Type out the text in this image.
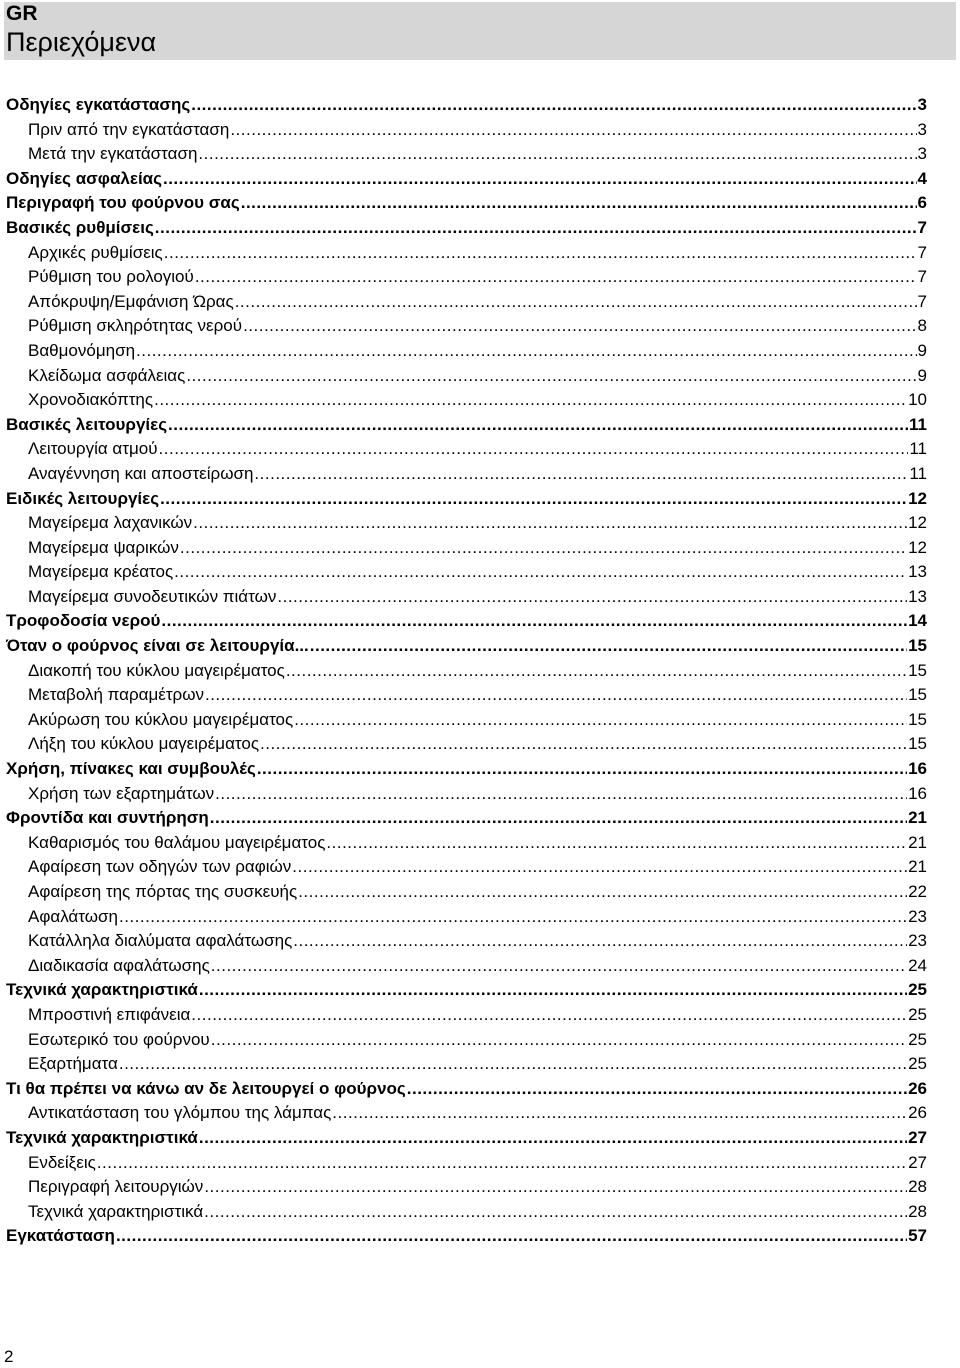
GR
Περιεχόμενα
Οδηγίες εγκατάστασης .....	3
Πριν από την εγκατάσταση .....	3
Μετά την εγκατάσταση .....	3
Οδηγίες ασφαλείας .....	4
Περιγραφή του φούρνου σας .....	6
Βασικές ρυθμίσεις .....	7
Αρχικές ρυθμίσεις .....	7
Ρύθμιση του ρολογιού .....	7
Απόκρυψη/Εμφάνιση Ώρας .....	7
Ρύθμιση σκληρότητας νερού .....	8
Βαθμονόμηση .....	9
Κλείδωμα ασφάλειας .....	9
Χρονοδιακόπτης .....	10
Βασικές λειτουργίες .....	11
Λειτουργία ατμού .....	11
Αναγέννηση και αποστείρωση .....	11
Ειδικές λειτουργίες .....	12
Μαγείρεμα λαχανικών .....	12
Μαγείρεμα ψαρικών .....	12
Μαγείρεμα κρέατος .....	13
Μαγείρεμα συνοδευτικών πιάτων .....	13
Τροφοδοσία νερού .....	14
Όταν ο φούρνος είναι σε λειτουργία... .....	15
Διακοπή του κύκλου μαγειρέματος .....	15
Μεταβολή παραμέτρων .....	15
Ακύρωση του κύκλου μαγειρέματος .....	15
Λήξη του κύκλου μαγειρέματος .....	15
Χρήση, πίνακες και συμβουλές .....	16
Χρήση των εξαρτημάτων .....	16
Φροντίδα και συντήρηση .....	21
Καθαρισμός του θαλάμου μαγειρέματος .....	21
Αφαίρεση των οδηγών των ραφιών .....	21
Αφαίρεση της πόρτας της συσκευής .....	22
Αφαλάτωση .....	23
Κατάλληλα διαλύματα αφαλάτωσης .....	23
Διαδικασία αφαλάτωσης .....	24
Τεχνικά χαρακτηριστικά .....	25
Μπροστινή επιφάνεια .....	25
Εσωτερικό του φούρνου .....	25
Εξαρτήματα .....	25
Τι θα πρέπει να κάνω αν δε λειτουργεί ο φούρνος .....	26
Αντικατάσταση του γλόμπου της λάμπας .....	26
Τεχνικά χαρακτηριστικά .....	27
Ενδείξεις .....	27
Περιγραφή λειτουργιών .....	28
Τεχνικά χαρακτηριστικά .....	28
Εγκατάσταση .....	57
2
